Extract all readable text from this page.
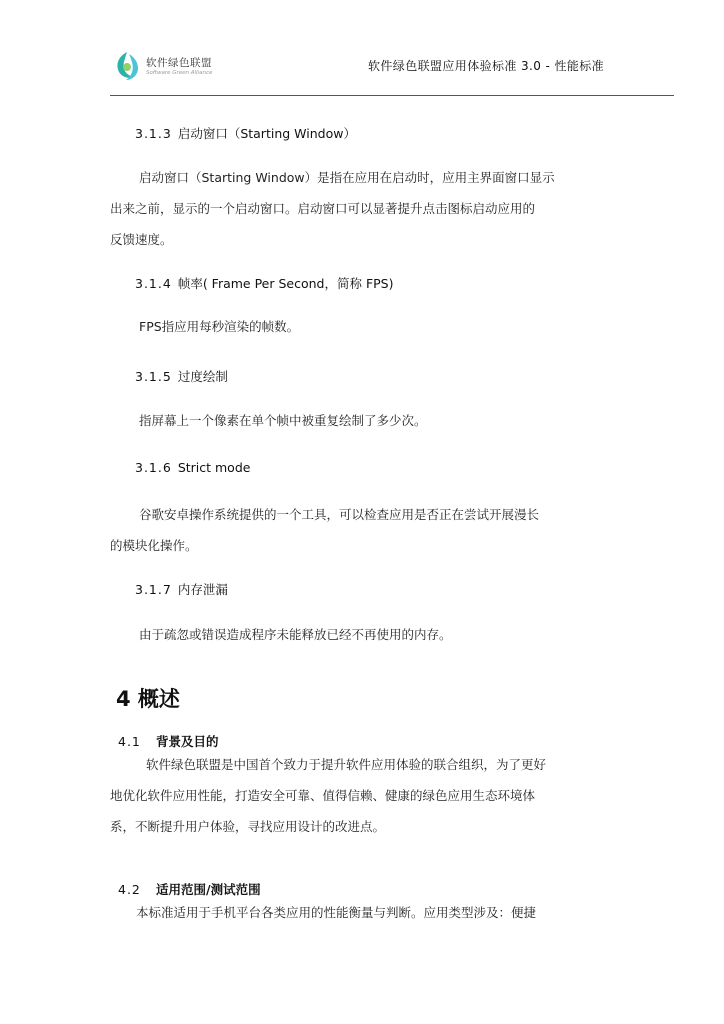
软件绿色联盟
Software Green Alliance	软件绿色联盟应用体验标准 3.0 - 性能标准
3.1.3 启动窗口（Starting Window）
启动窗口（Starting Window）是指在应用在启动时，应用主界面窗口显示
出来之前，显示的一个启动窗口。启动窗口可以显著提升点击图标启动应用的
反馈速度。
3.1.4 帧率( Frame Per Second，简称 FPS)
FPS指应用每秒渲染的帧数。
3.1.5 过度绘制
指屏幕上一个像素在单个帧中被重复绘制了多少次。
3.1.6 Strict mode
谷歌安卓操作系统提供的一个工具，可以检查应用是否正在尝试开展漫长
的模块化操作。
3.1.7 内存泄漏
由于疏忽或错误造成程序未能释放已经不再使用的内存。
4 概述
4.1 背景及目的
软件绿色联盟是中国首个致力于提升软件应用体验的联合组织，为了更好
地优化软件应用性能，打造安全可靠、值得信赖、健康的绿色应用生态环境体
系，不断提升用户体验，寻找应用设计的改进点。
4.2 适用范围/测试范围
本标准适用于手机平台各类应用的性能衡量与判断。应用类型涉及：便捷
